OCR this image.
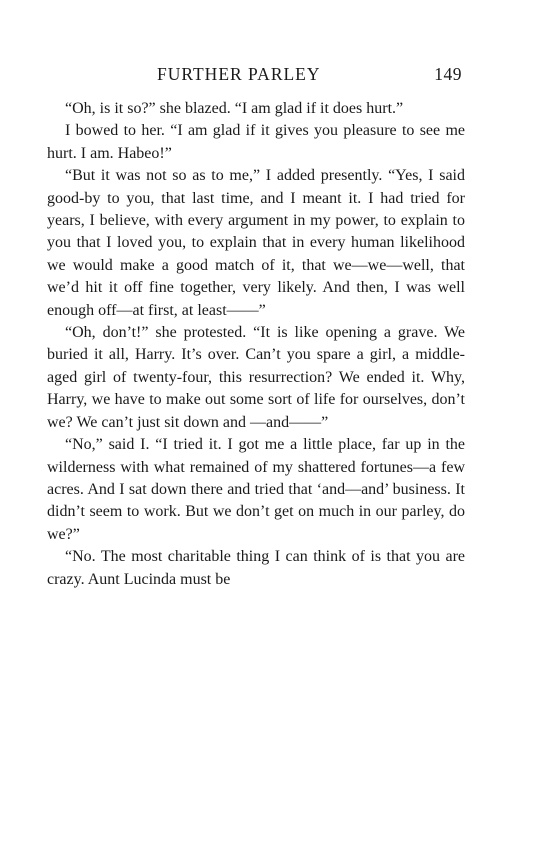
FURTHER PARLEY	149

“Oh, is it so?” she blazed. “I am glad if it does hurt.”

I bowed to her. “I am glad if it gives you pleasure to see me hurt. I am. Habeo!”

“But it was not so as to me,” I added presently. “Yes, I said good-by to you, that last time, and I meant it. I had tried for years, I believe, with every argument in my power, to explain to you that I loved you, to explain that in every human likelihood we would make a good match of it, that we—we—well, that we’d hit it off fine together, very likely. And then, I was well enough off—at first, at least——”

“Oh, don’t!” she protested. “It is like opening a grave. We buried it all, Harry. It’s over. Can’t you spare a girl, a middle-aged girl of twenty-four, this resurrection? We ended it. Why, Harry, we have to make out some sort of life for ourselves, don’t we? We can’t just sit down and —and——”

“No,” said I. “I tried it. I got me a little place, far up in the wilderness with what remained of my shattered fortunes—a few acres. And I sat down there and tried that ‘and—and’ business. It didn’t seem to work. But we don’t get on much in our parley, do we?”

“No. The most charitable thing I can think of is that you are crazy. Aunt Lucinda must be
